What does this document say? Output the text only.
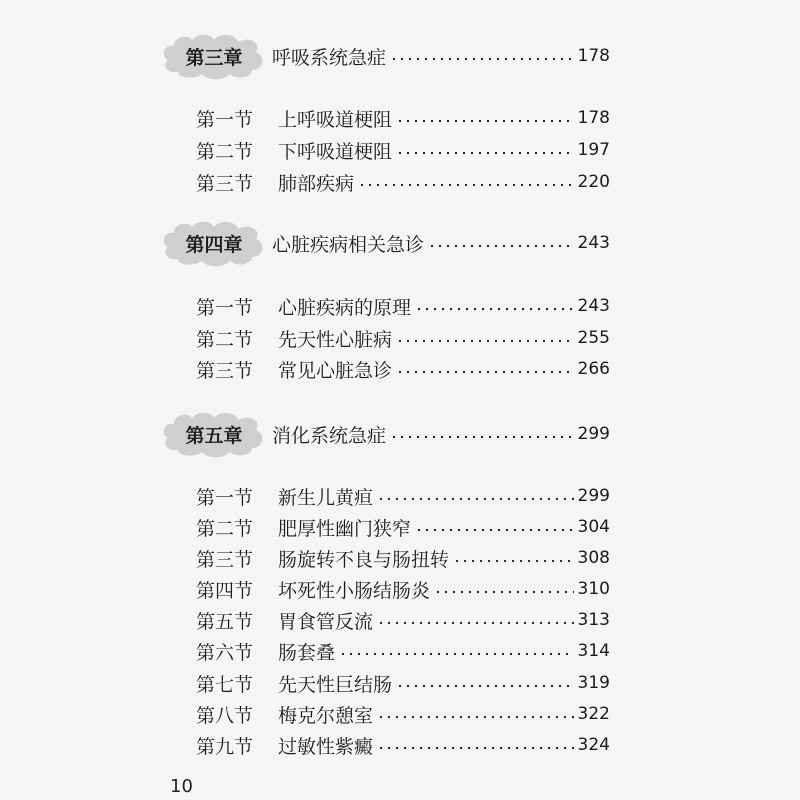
第三章 呼吸系统急症	178
第一节	上呼吸道梗阻	178
第二节	下呼吸道梗阻	197
第三节	肺部疾病	220
第四章 心脏疾病相关急诊	243
第一节	心脏疾病的原理	243
第二节	先天性心脏病	255
第三节	常见心脏急诊	266
第五章 消化系统急症	299
第一节	新生儿黄疸	299
第二节	肥厚性幽门狭窄	304
第三节	肠旋转不良与肠扭转	308
第四节	坏死性小肠结肠炎	310
第五节	胃食管反流	313
第六节	肠套叠	314
第七节	先天性巨结肠	319
第八节	梅克尔憩室	322
第九节	过敏性紫癜	324
10
